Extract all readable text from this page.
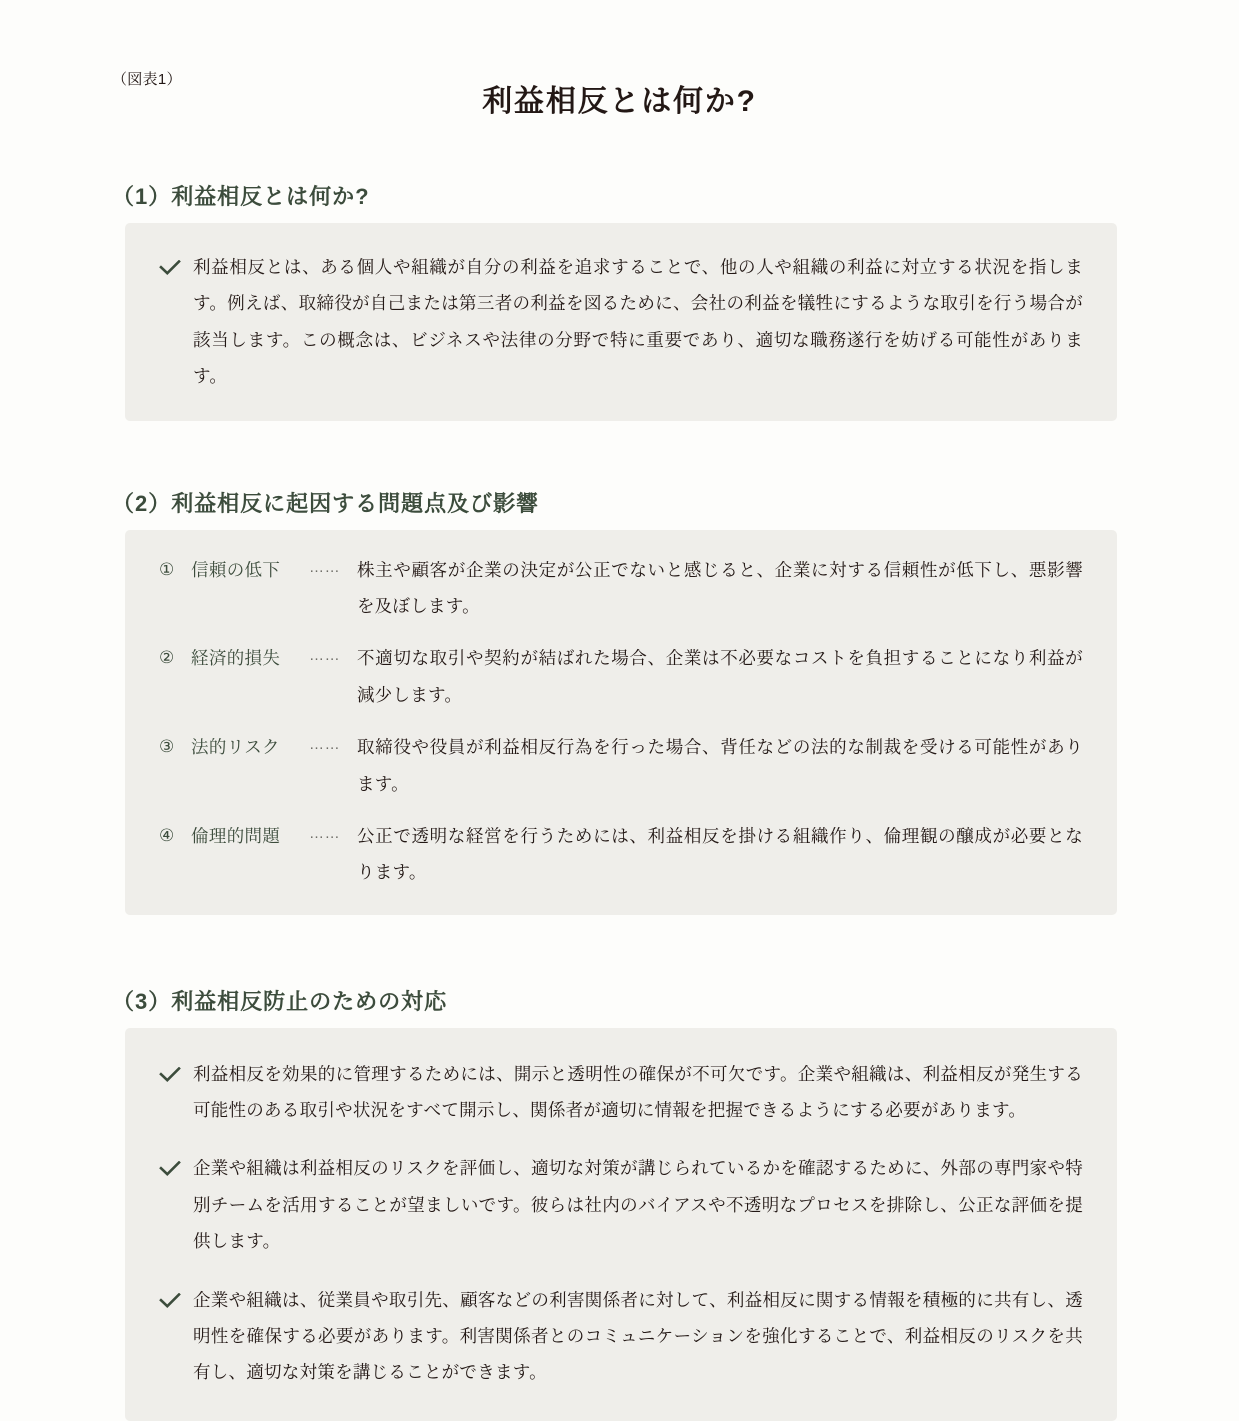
（図表1）
利益相反とは何か?
（1）利益相反とは何か?
利益相反とは、ある個人や組織が自分の利益を追求することで、他の人や組織の利益に対立する状況を指します。例えば、取締役が自己または第三者の利益を図るために、会社の利益を犠牲にするような取引を行う場合が該当します。この概念は、ビジネスや法律の分野で特に重要であり、適切な職務遂行を妨げる可能性があります。
（2）利益相反に起因する問題点及び影響
① 信頼の低下	…… 株主や顧客が企業の決定が公正でないと感じると、企業に対する信頼性が低下し、悪影響を及ぼします。
② 経済的損失	…… 不適切な取引や契約が結ばれた場合、企業は不必要なコストを負担することになり利益が減少します。
③ 法的リスク	…… 取締役や役員が利益相反行為を行った場合、背任などの法的な制裁を受ける可能性があります。
④ 倫理的問題	…… 公正で透明な経営を行うためには、利益相反を掛ける組織作り、倫理観の醸成が必要となります。
（3）利益相反防止のための対応
利益相反を効果的に管理するためには、開示と透明性の確保が不可欠です。企業や組織は、利益相反が発生する可能性のある取引や状況をすべて開示し、関係者が適切に情報を把握できるようにする必要があります。
企業や組織は利益相反のリスクを評価し、適切な対策が講じられているかを確認するために、外部の専門家や特別チームを活用することが望ましいです。彼らは社内のバイアスや不透明なプロセスを排除し、公正な評価を提供します。
企業や組織は、従業員や取引先、顧客などの利害関係者に対して、利益相反に関する情報を積極的に共有し、透明性を確保する必要があります。利害関係者とのコミュニケーションを強化することで、利益相反のリスクを共有し、適切な対策を講じることができます。
